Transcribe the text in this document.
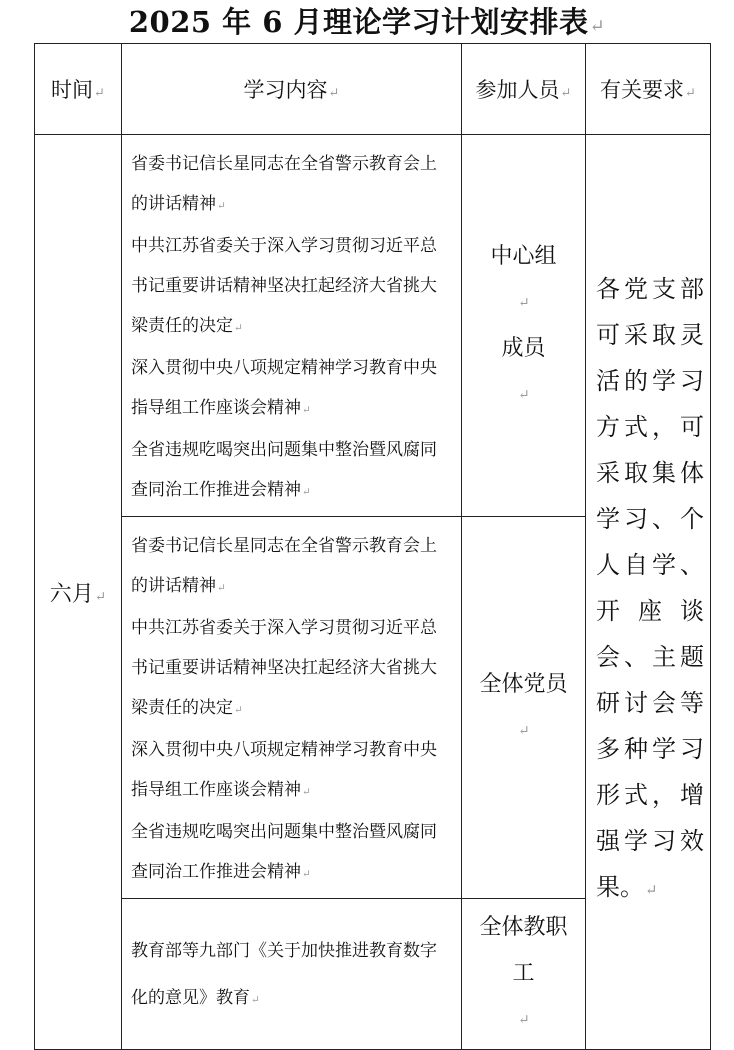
2025 年 6 月理论学习计划安排表↵
时间↵	学习内容↵	参加人员↵	有关要求↵
六月↵	省委书记信长星同志在全省警示教育会上的讲话精神↵
中共江苏省委关于深入学习贯彻习近平总书记重要讲话精神坚决扛起经济大省挑大梁责任的决定↵
深入贯彻中央八项规定精神学习教育中央指导组工作座谈会精神↵
全省违规吃喝突出问题集中整治暨风腐同查同治工作推进会精神↵	中心组
↵
成员
↵	各党支部可采取灵活的学习方式，可采取集体学习、个人自学、开座谈会、主题研讨会等多种学习形式，增强学习效果。↵

	省委书记信长星同志在全省警示教育会上的讲话精神↵
中共江苏省委关于深入学习贯彻习近平总书记重要讲话精神坚决扛起经济大省挑大梁责任的决定↵
深入贯彻中央八项规定精神学习教育中央指导组工作座谈会精神↵
全省违规吃喝突出问题集中整治暨风腐同查同治工作推进会精神↵	全体党员
↵	

	教育部等九部门《关于加快推进教育数字化的意见》教育↵	全体教职
工
↵	
